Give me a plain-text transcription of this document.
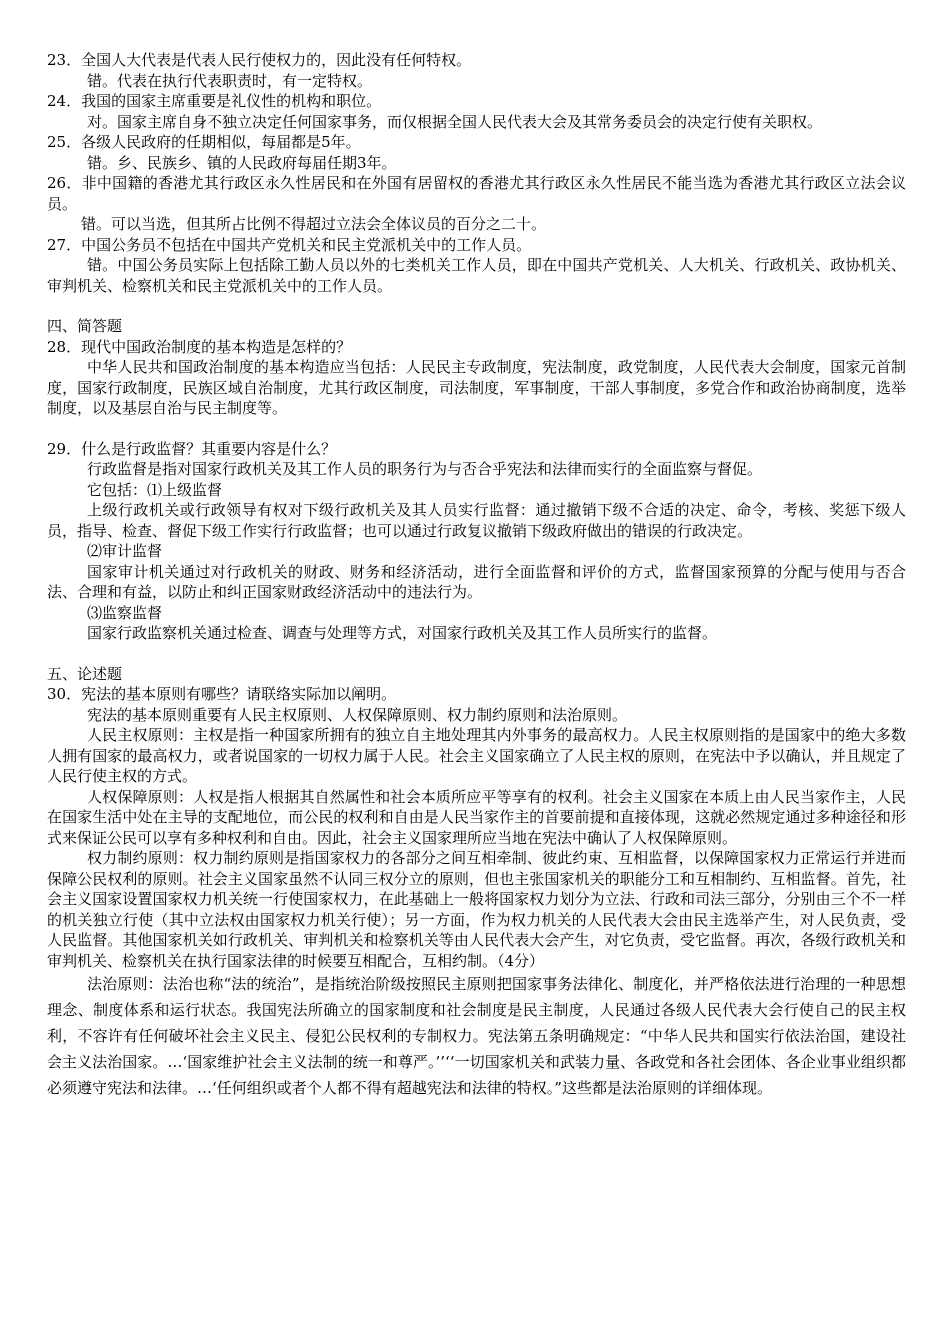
23．全国人大代表是代表人民行使权力的，因此没有任何特权。

错。代表在执行代表职责时，有一定特权。

24．我国的国家主席重要是礼仪性的机构和职位。

对。国家主席自身不独立决定任何国家事务，而仅根据全国人民代表大会及其常务委员会的决定行使有关职权。

25．各级人民政府的任期相似，每届都是5年。

错。乡、民族乡、镇的人民政府每届任期3年。

26．非中国籍的香港尤其行政区永久性居民和在外国有居留权的香港尤其行政区永久性居民不能当选为香港尤其行政区立法会议员。

错。可以当选，但其所占比例不得超过立法会全体议员的百分之二十。

27．中国公务员不包括在中国共产党机关和民主党派机关中的工作人员。

错。中国公务员实际上包括除工勤人员以外的七类机关工作人员，即在中国共产党机关、人大机关、行政机关、政协机关、审判机关、检察机关和民主党派机关中的工作人员。

四、简答题

28．现代中国政治制度的基本构造是怎样的？

中华人民共和国政治制度的基本构造应当包括：人民民主专政制度，宪法制度，政党制度，人民代表大会制度，国家元首制度，国家行政制度，民族区域自治制度，尤其行政区制度，司法制度，军事制度，干部人事制度，多党合作和政治协商制度，选举制度，以及基层自治与民主制度等。

29．什么是行政监督？其重要内容是什么？

行政监督是指对国家行政机关及其工作人员的职务行为与否合乎宪法和法律而实行的全面监察与督促。

它包括：⑴上级监督

上级行政机关或行政领导有权对下级行政机关及其人员实行监督：通过撤销下级不合适的决定、命令，考核、奖惩下级人员，指导、检查、督促下级工作实行行政监督；也可以通过行政复议撤销下级政府做出的错误的行政决定。

⑵审计监督

国家审计机关通过对行政机关的财政、财务和经济活动，进行全面监督和评价的方式，监督国家预算的分配与使用与否合法、合理和有益，以防止和纠正国家财政经济活动中的违法行为。

⑶监察监督

国家行政监察机关通过检查、调查与处理等方式，对国家行政机关及其工作人员所实行的监督。

五、论述题

30．宪法的基本原则有哪些？请联络实际加以阐明。

宪法的基本原则重要有人民主权原则、人权保障原则、权力制约原则和法治原则。

人民主权原则：主权是指一种国家所拥有的独立自主地处理其内外事务的最高权力。人民主权原则指的是国家中的绝大多数人拥有国家的最高权力，或者说国家的一切权力属于人民。社会主义国家确立了人民主权的原则，在宪法中予以确认，并且规定了人民行使主权的方式。

人权保障原则：人权是指人根据其自然属性和社会本质所应平等享有的权利。社会主义国家在本质上由人民当家作主，人民在国家生活中处在主导的支配地位，而公民的权利和自由是人民当家作主的首要前提和直接体现，这就必然规定通过多种途径和形式来保证公民可以享有多种权利和自由。因此，社会主义国家理所应当地在宪法中确认了人权保障原则。

权力制约原则：权力制约原则是指国家权力的各部分之间互相牵制、彼此约束、互相监督，以保障国家权力正常运行并进而保障公民权利的原则。社会主义国家虽然不认同三权分立的原则，但也主张国家机关的职能分工和互相制约、互相监督。首先，社会主义国家设置国家权力机关统一行使国家权力，在此基础上一般将国家权力划分为立法、行政和司法三部分，分别由三个不一样的机关独立行使（其中立法权由国家权力机关行使）；另一方面，作为权力机关的人民代表大会由民主选举产生，对人民负责，受人民监督。其他国家机关如行政机关、审判机关和检察机关等由人民代表大会产生，对它负责，受它监督。再次，各级行政机关和审判机关、检察机关在执行国家法律的时候要互相配合，互相约制。（4分）

法治原则：法治也称“法的统治”，是指统治阶级按照民主原则把国家事务法律化、制度化，并严格依法进行治理的一种思想理念、制度体系和运行状态。我国宪法所确立的国家制度和社会制度是民主制度，人民通过各级人民代表大会行使自己的民主权利，不容许有任何破坏社会主义民主、侵犯公民权利的专制权力。宪法第五条明确规定：“中华人民共和国实行依法治国，建设社会主义法治国家。…‘国家维护社会主义法制的统一和尊严。’’‘‘一切国家机关和武装力量、各政党和各社会团体、各企业事业组织都必须遵守宪法和法律。…‘任何组织或者个人都不得有超越宪法和法律的特权。”这些都是法治原则的详细体现。
